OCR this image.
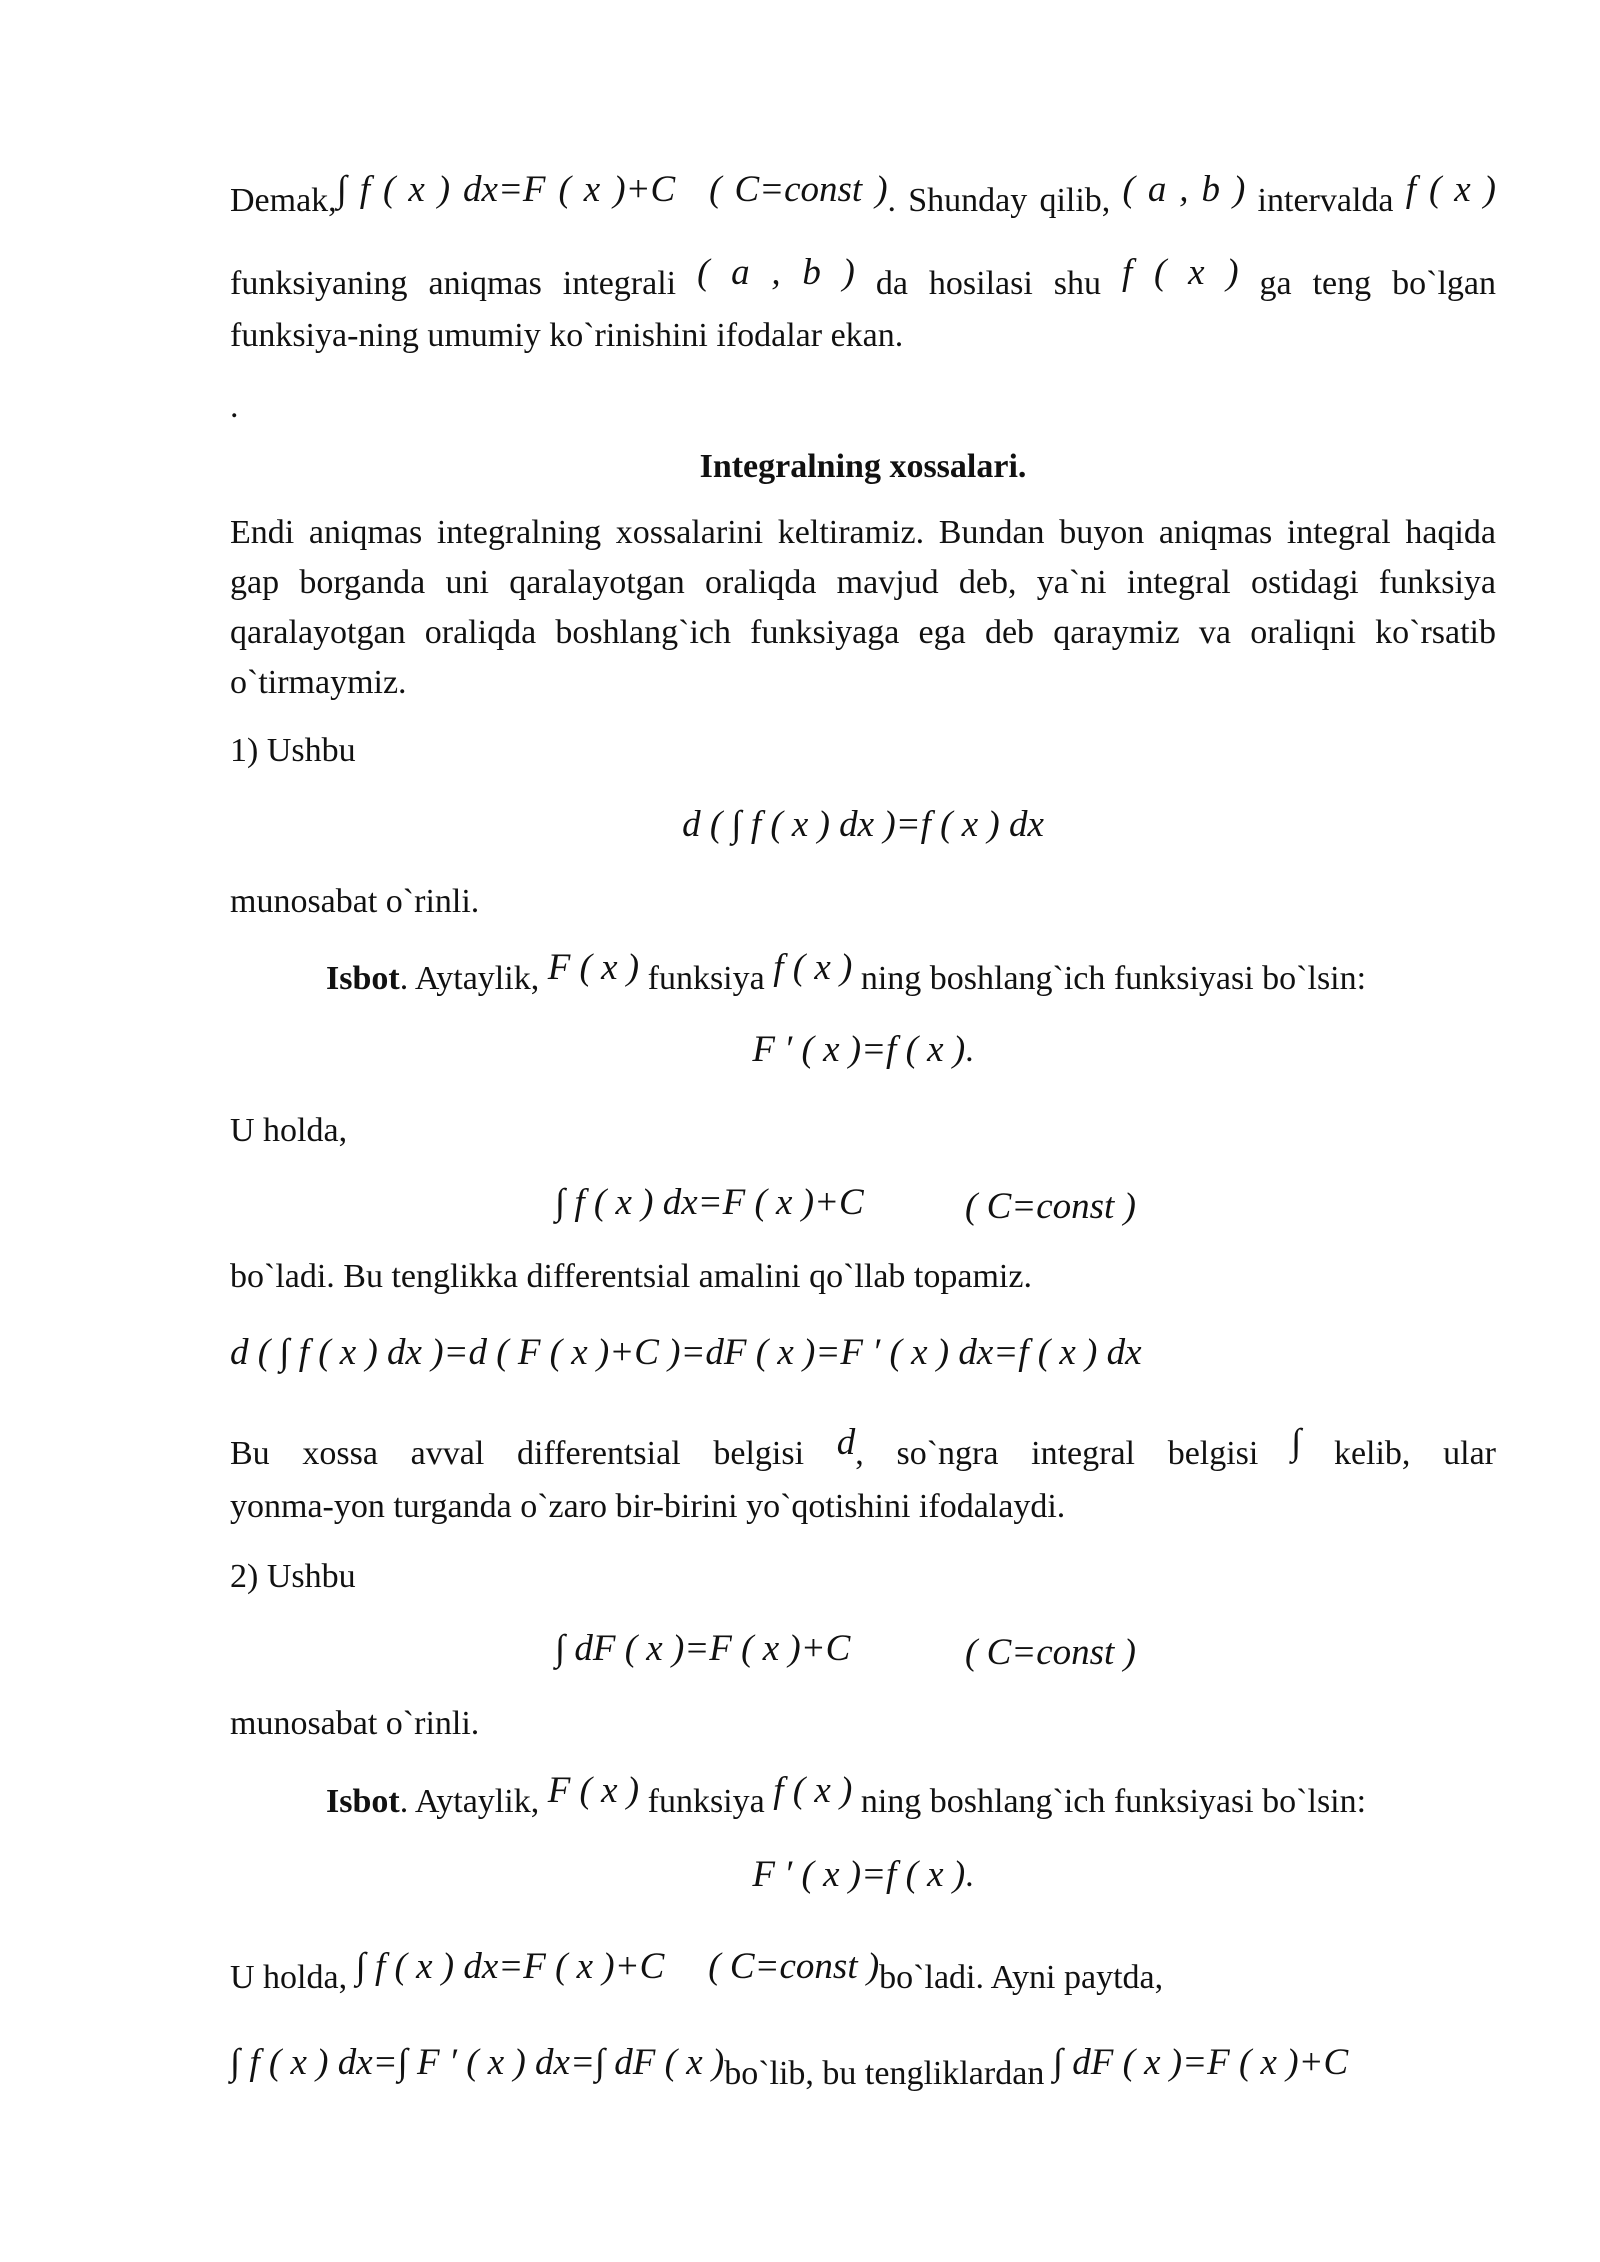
Demak,∫ f ( x ) dx=F ( x )+C ( C=const ). Shunday qilib, ( a , b ) intervalda f ( x )
funksiyaning aniqmas integrali ( a , b ) da hosilasi shu f ( x ) ga teng bo`lgan
funksiya-ning umumiy ko`rinishini ifodalar ekan.
.
Integralning xossalari.
Endi aniqmas integralning xossalarini keltiramiz. Bundan buyon aniqmas integral haqida gap borganda uni qaralayotgan oraliqda mavjud deb, ya`ni integral ostidagi funksiya qaralayotgan oraliqda boshlang`ich funksiyaga ega deb qaraymiz va oraliqni ko`rsatib o`tirmaymiz.
1) Ushbu
d ( ∫ f ( x ) dx )=f ( x ) dx
munosabat o`rinli.
Isbot. Aytaylik, F ( x ) funksiya f ( x ) ning boshlang`ich funksiyasi bo`lsin:
F ′ ( x )=f ( x ).
U holda,
∫ f ( x ) dx=F ( x )+C	( C=const )
bo`ladi. Bu tenglikka differentsial amalini qo`llab topamiz.
d ( ∫ f ( x ) dx )=d ( F ( x )+C )=dF ( x )=F ′ ( x ) dx=f ( x ) dx
Bu xossa avval differentsial belgisi d, so`ngra integral belgisi ∫ kelib, ular
yonma-yon turganda o`zaro bir-birini yo`qotishini ifodalaydi.
2) Ushbu
∫ dF ( x )=F ( x )+C	( C=const )
munosabat o`rinli.
Isbot. Aytaylik, F ( x ) funksiya f ( x ) ning boshlang`ich funksiyasi bo`lsin:
F ′ ( x )=f ( x ).
U holda, ∫ f ( x ) dx=F ( x )+C ( C=const )bo`ladi. Ayni paytda,
∫ f ( x ) dx=∫ F ′ ( x ) dx=∫ dF ( x )bo`lib, bu tengliklardan ∫ dF ( x )=F ( x )+C
